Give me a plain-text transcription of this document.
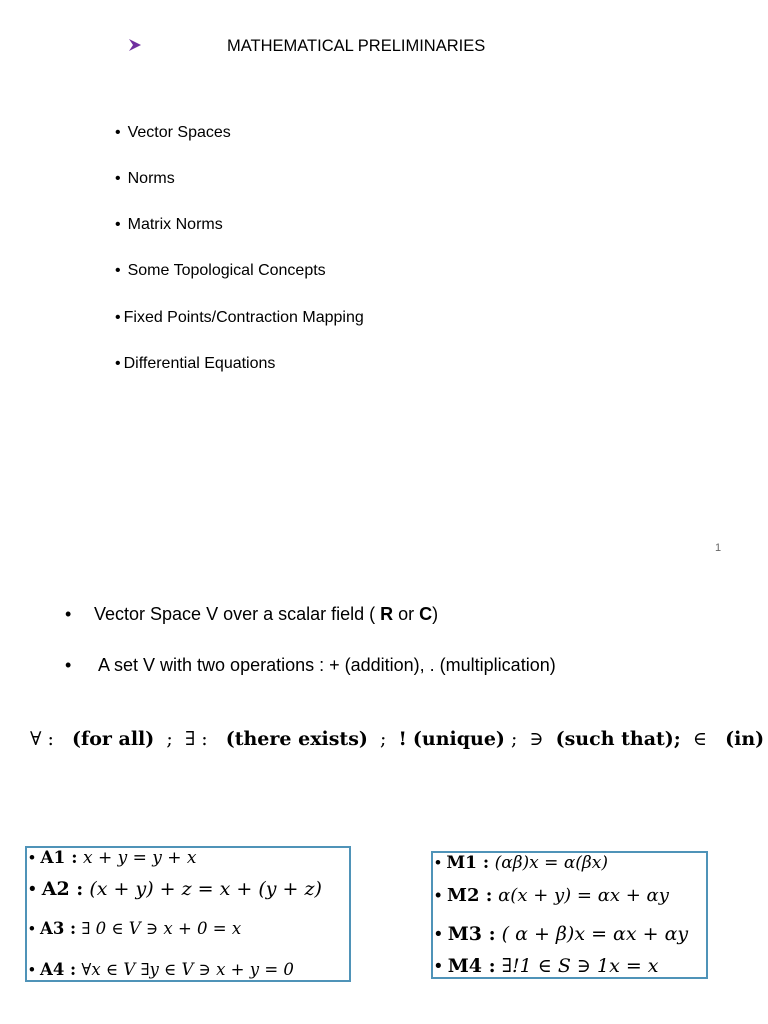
MATHEMATICAL PRELIMINARIES
• Vector Spaces
• Norms
• Matrix Norms
• Some Topological Concepts
• Fixed Points/Contraction Mapping
• Differential Equations
1
• Vector Space V over a scalar field ( R or C)
• A set V with two operations : + (addition), . (multiplication)
∀ : (for all) ; ∃ : (there exists) ; ! (unique) ; ∋ (such that); ∈ (in)
• A1 : x + y = y + x
• A2 : (x + y) + z = x + (y + z)
• A3 : ∃ 0 ∈ V ∋ x + 0 = x
• A4 : ∀x ∈ V ∃y ∈ V ∋ x + y = 0
• M1 : (αβ)x = α(βx)
• M2 : α(x + y) = αx + αy
• M3 : ( α + β)x = αx + αy
• M4 : ∃!1 ∈ S ∋ 1x = x
